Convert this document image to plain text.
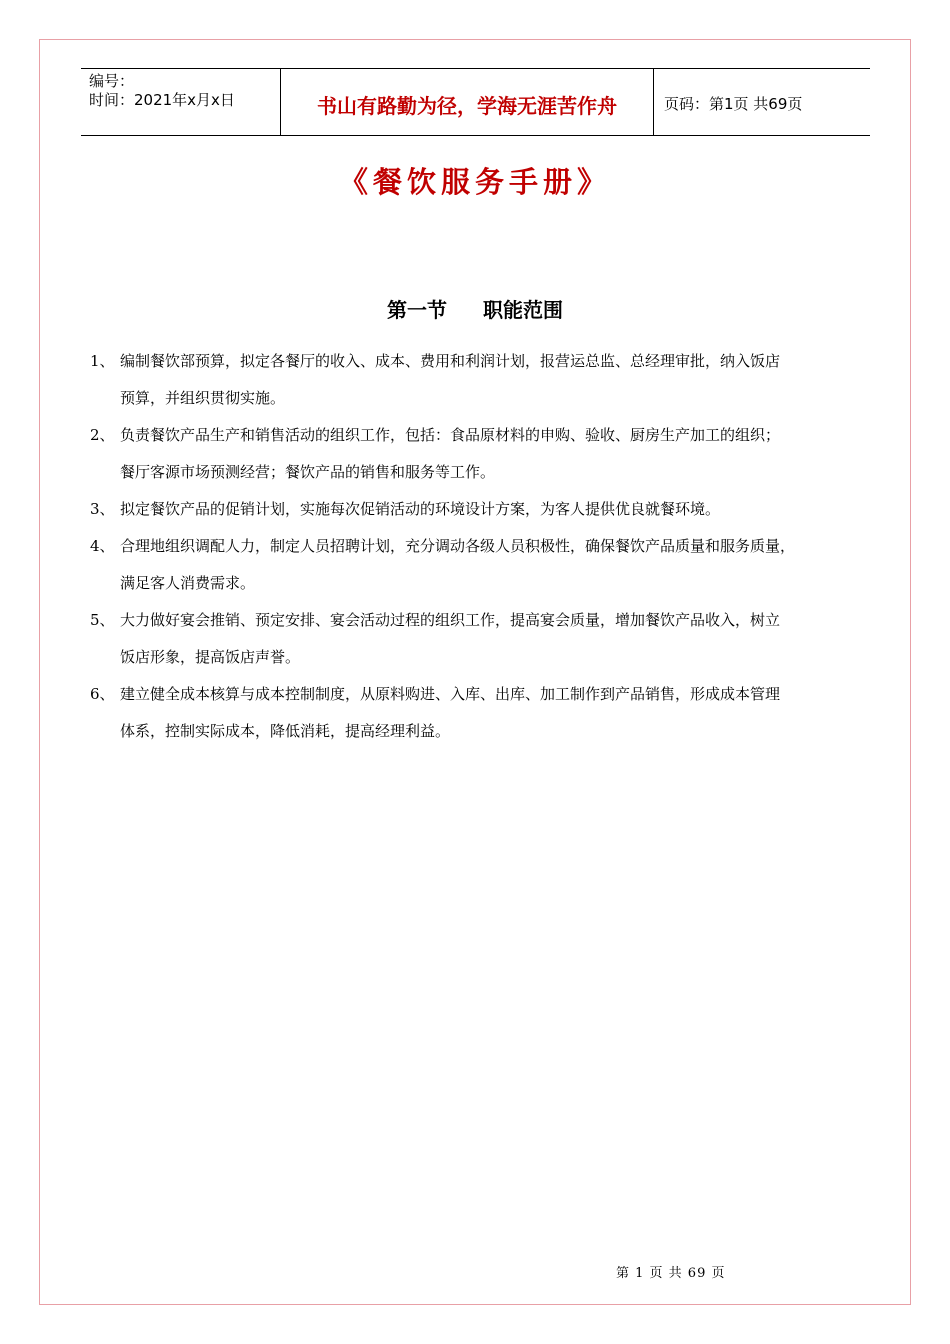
编号：
时间：2021年x月x日	书山有路勤为径，学海无涯苦作舟	页码：第1页 共69页
《餐饮服务手册》
第一节 职能范围
1、 编制餐饮部预算，拟定各餐厅的收入、成本、费用和利润计划，报营运总监、总经理审批，纳入饭店
预算，并组织贯彻实施。
2、 负责餐饮产品生产和销售活动的组织工作，包括：食品原材料的申购、验收、厨房生产加工的组织；
餐厅客源市场预测经营；餐饮产品的销售和服务等工作。
3、 拟定餐饮产品的促销计划，实施每次促销活动的环境设计方案，为客人提供优良就餐环境。
4、 合理地组织调配人力，制定人员招聘计划，充分调动各级人员积极性，确保餐饮产品质量和服务质量，
满足客人消费需求。
5、 大力做好宴会推销、预定安排、宴会活动过程的组织工作，提高宴会质量，增加餐饮产品收入，树立
饭店形象，提高饭店声誉。
6、 建立健全成本核算与成本控制制度，从原料购进、入库、出库、加工制作到产品销售，形成成本管理
体系，控制实际成本，降低消耗，提高经理利益。
第 1 页 共 69 页
